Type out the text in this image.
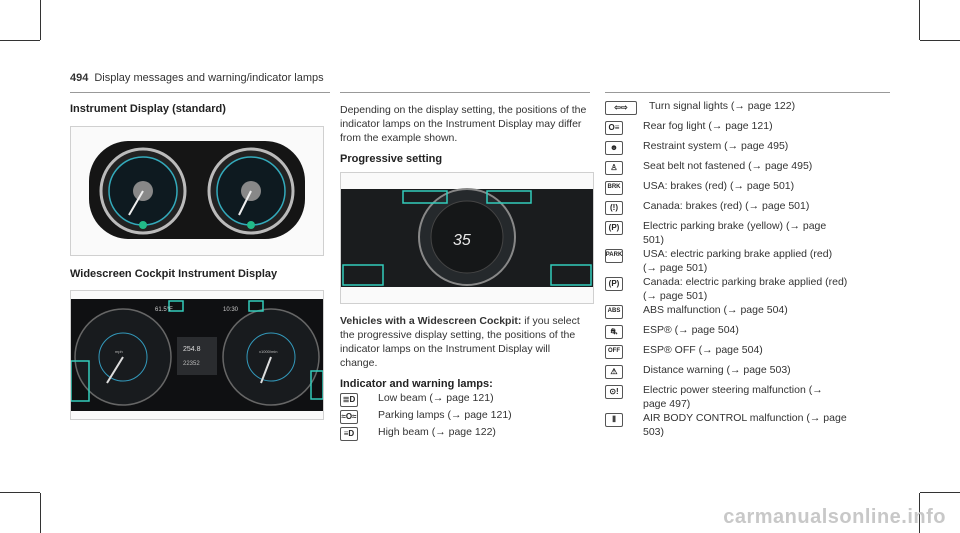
494 Display messages and warning/indicator lamps
Instrument Display (standard)
Widescreen Cockpit Instrument Display
61.5°F	10:30
254.8
22352
mph	x1000/min
Depending on the display setting, the positions of the indicator lamps on the Instrument Display may differ from the example shown.
Progressive setting
35
Vehicles with a Widescreen Cockpit: if you select the progressive display setting, the positions of the indicator lamps on the Instrument Display will change.
Indicator and warning lamps:
≣D Low beam (→ page 121)
≈O≈ Parking lamps (→ page 121)
≡D	High beam (→ page 122)
⇦⇨	Turn signal lights (→ page 122)
O≡	Rear fog light (→ page 121)
☻	Restraint system (→ page 495)
♙	Seat belt not fastened (→ page 495)
BRK USA: brakes (red) (→ page 501)
(!)	Canada: brakes (red) (→ page 501)
(P)	Electric parking brake (yellow) (→ page 501)
PARK USA: electric parking brake applied (red) (→ page 501)
(P)	Canada: electric parking brake applied (red) (→ page 501)
ABS ABS malfunction (→ page 504)
⛐	ESP® (→ page 504)
OFF ESP® OFF (→ page 504)
⚠	Distance warning (→ page 503)
⊙!	Electric power steering malfunction (→ page 497)
⫴	AIR BODY CONTROL malfunction (→ page 503)
carmanualsonline.info
